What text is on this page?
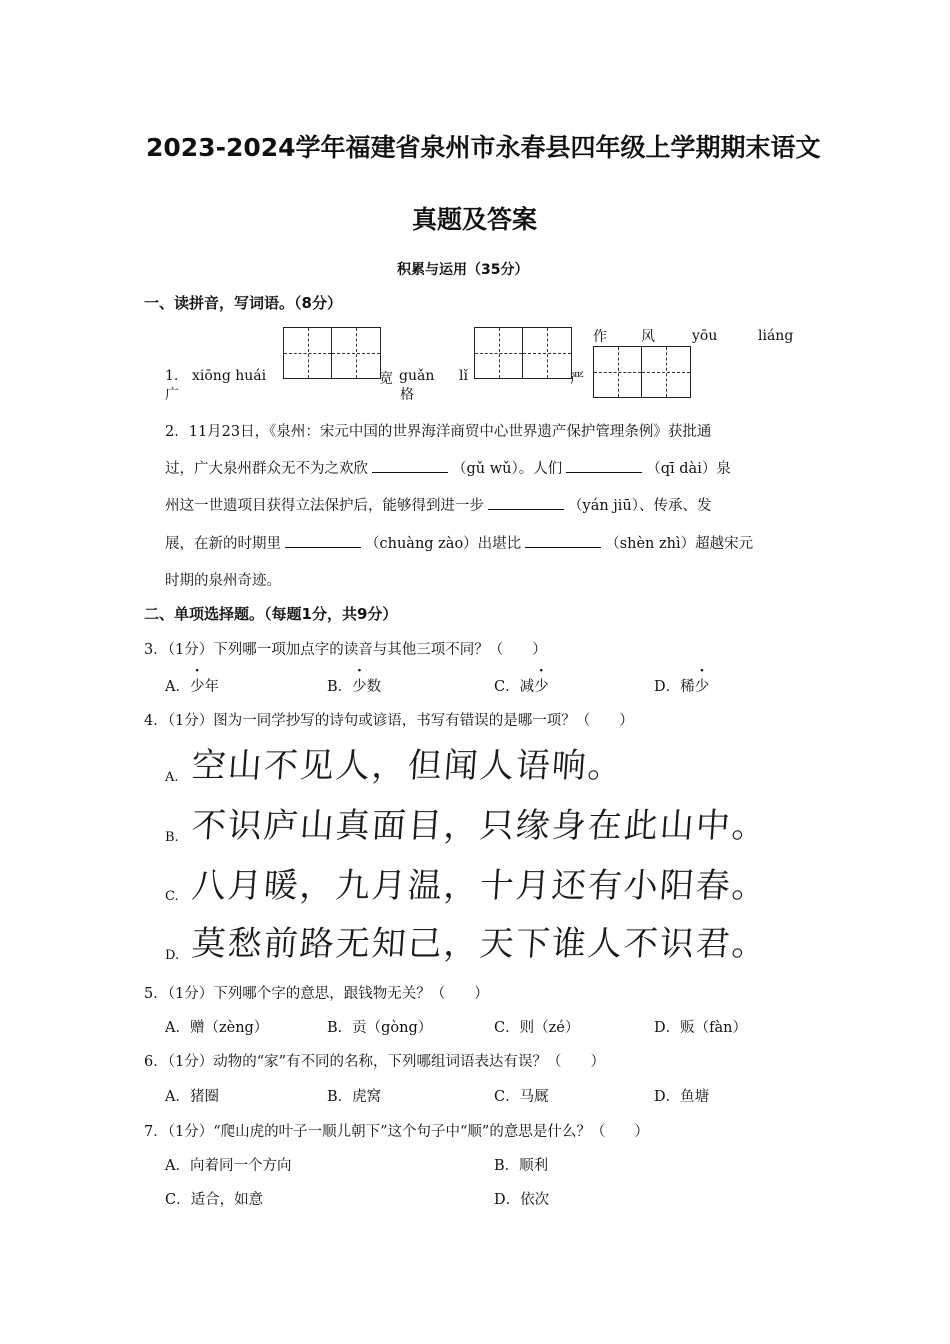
2023-2024学年福建省泉州市永春县四年级上学期期末语文
真题及答案
积累与运用（35分）
一、读拼音，写词语。（8分）
1. xiōng huái	宽
广
guǎn
格
lǐ	严
作 风	yōu	liáng
2．11月23日，《泉州：宋元中国的世界海洋商贸中心世界遗产保护管理条例》获批通
过，广大泉州群众无不为之欢欣	（gǔ wǔ）。人们	（qī dài）泉
州这一世遗项目获得立法保护后，能够得到进一步	（yán jiū）、传承、发
展，在新的时期里	（chuàng zào）出堪比	（shèn zhì）超越宋元
时期的泉州奇迹。
二、单项选择题。（每题1分，共9分）
3．（1分）下列哪一项加点字的读音与其他三项不同？（　　）
A．少年	B．少数	C．减少	D．稀少
4．（1分）图为一同学抄写的诗句或谚语，书写有错误的是哪一项？（　　）
A. 空山不见人，但闻人语响。
B. 不识庐山真面目，只缘身在此山中。
C. 八月暖，九月温，十月还有小阳春。
D. 莫愁前路无知己，天下谁人不识君。
5．（1分）下列哪个字的意思，跟钱物无关？（　　）
A．赠（zèng）	B．贡（gòng）	C．则（zé）	D．贩（fàn）
6．（1分）动物的“家”有不同的名称，下列哪组词语表达有误？（　　）
A．猪圈	B．虎窝	C．马厩	D．鱼塘
7．（1分）“爬山虎的叶子一顺儿朝下”这个句子中“顺”的意思是什么？（　　）
A．向着同一个方向	B．顺利
C．适合，如意	D．依次
